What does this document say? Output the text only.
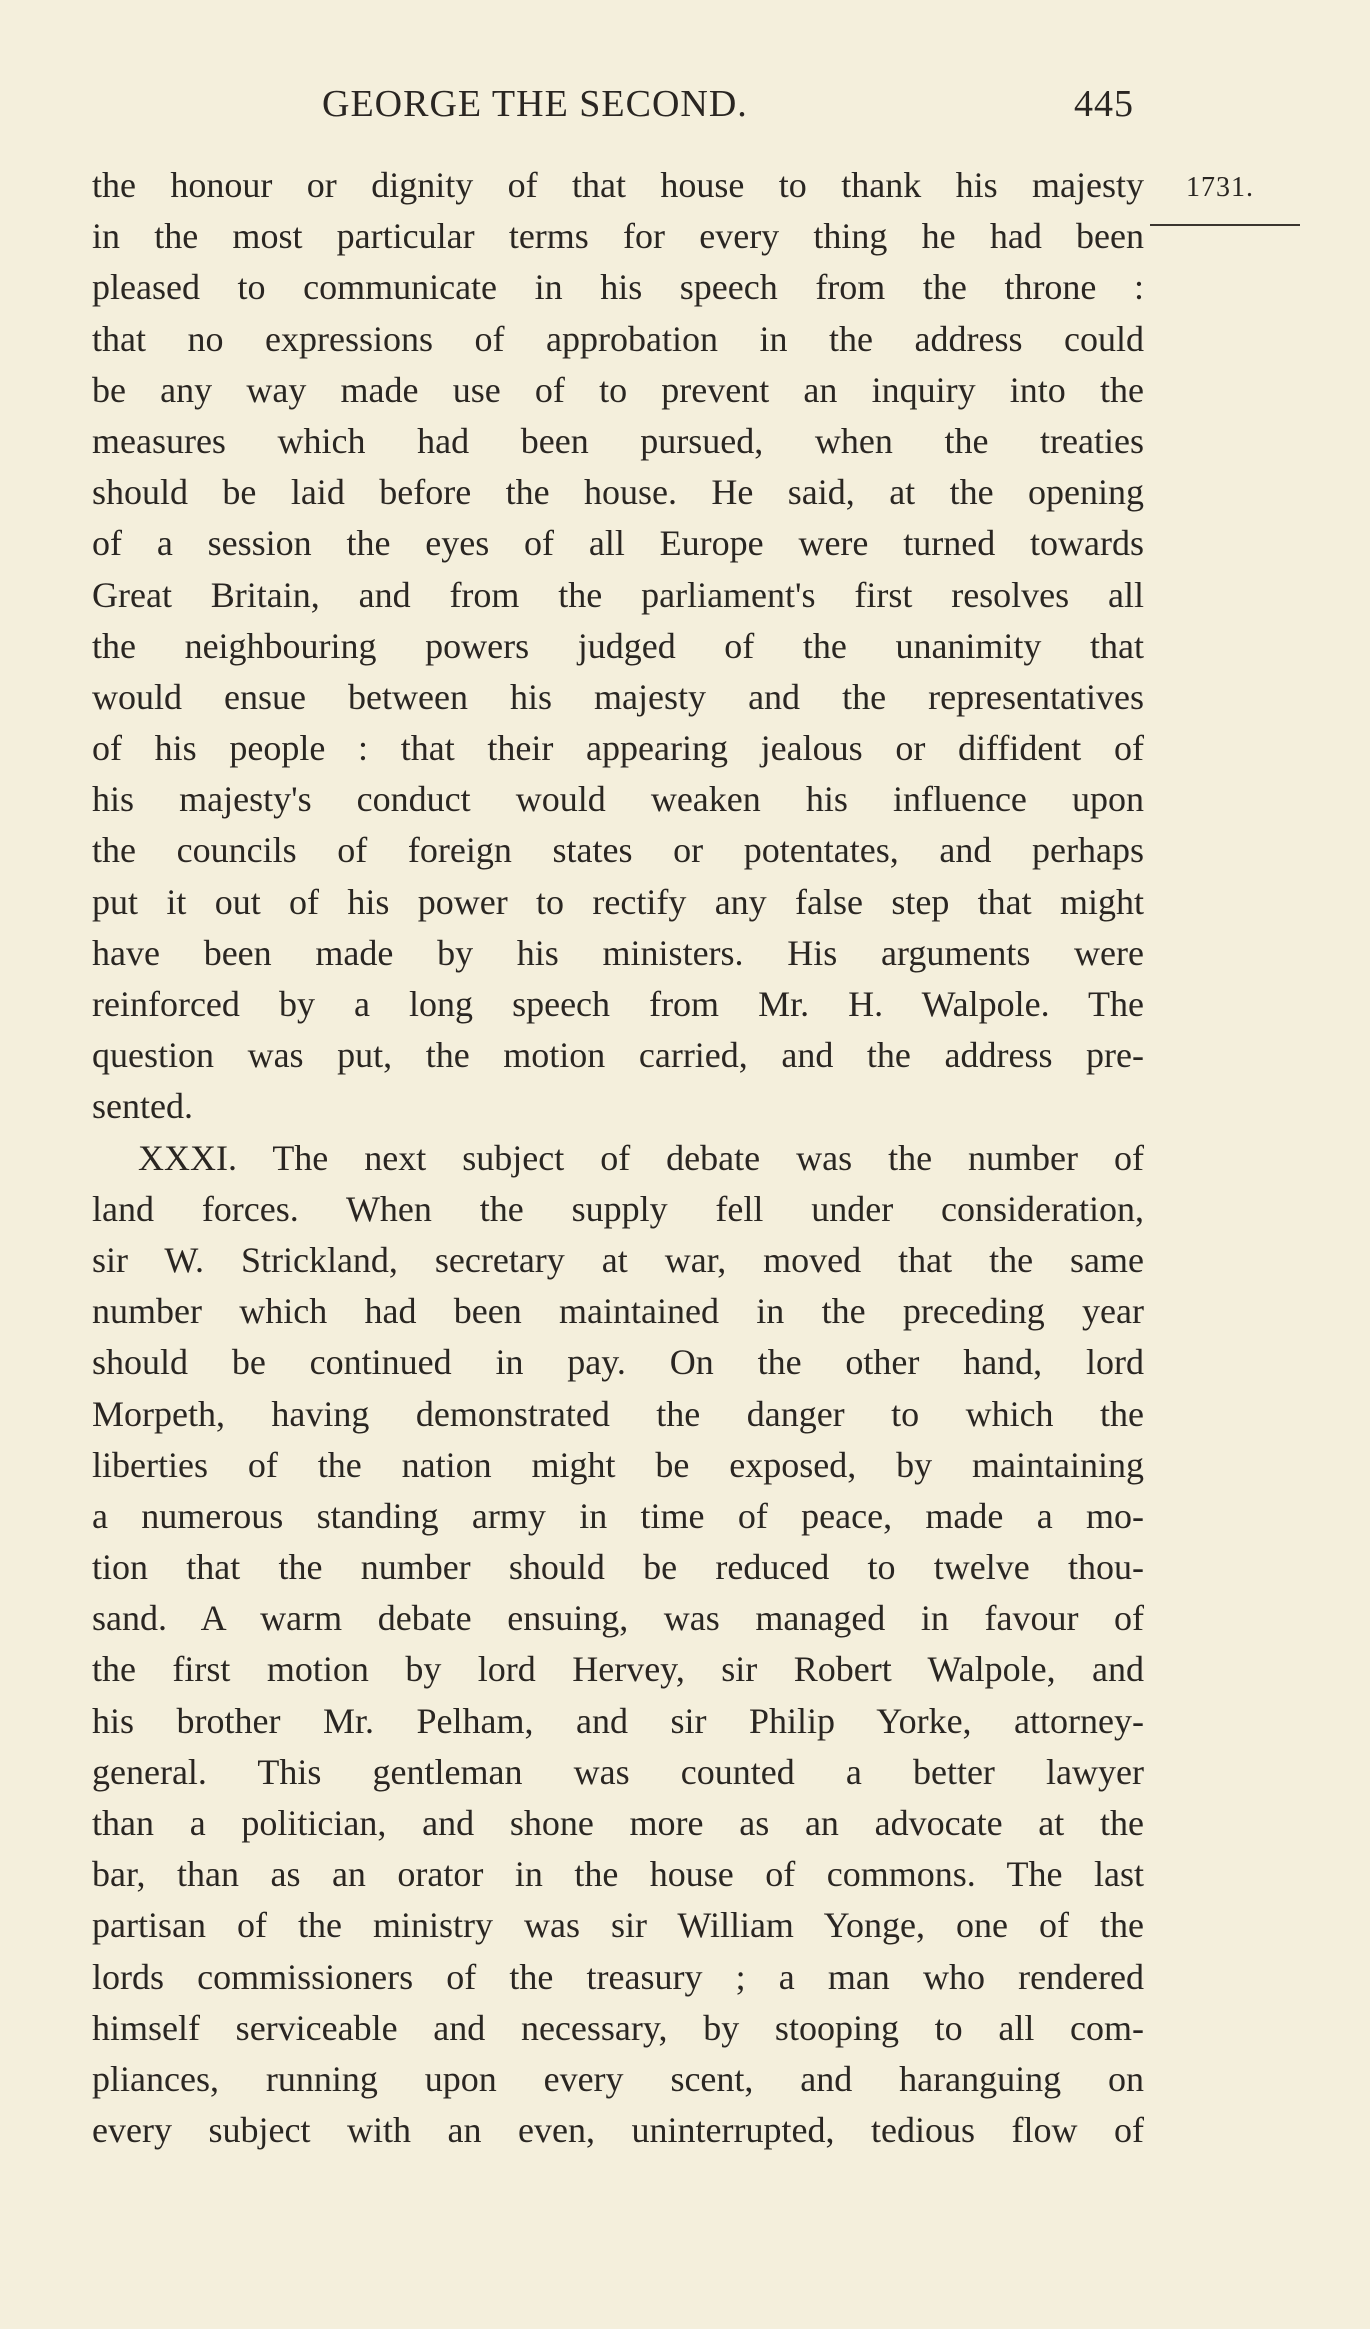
GEORGE THE SECOND.	445
1731.
the honour or dignity of that house to thank his majesty
in the most particular terms for every thing he had been
pleased to communicate in his speech from the throne :
that no expressions of approbation in the address could
be any way made use of to prevent an inquiry into the
measures which had been pursued, when the treaties
should be laid before the house. He said, at the opening
of a session the eyes of all Europe were turned towards
Great Britain, and from the parliament's first resolves all
the neighbouring powers judged of the unanimity that
would ensue between his majesty and the representatives
of his people : that their appearing jealous or diffident of
his majesty's conduct would weaken his influence upon
the councils of foreign states or potentates, and perhaps
put it out of his power to rectify any false step that might
have been made by his ministers. His arguments were
reinforced by a long speech from Mr. H. Walpole. The
question was put, the motion carried, and the address pre-
sented.
XXXI. The next subject of debate was the number of
land forces. When the supply fell under consideration,
sir W. Strickland, secretary at war, moved that the same
number which had been maintained in the preceding year
should be continued in pay. On the other hand, lord
Morpeth, having demonstrated the danger to which the
liberties of the nation might be exposed, by maintaining
a numerous standing army in time of peace, made a mo-
tion that the number should be reduced to twelve thou-
sand. A warm debate ensuing, was managed in favour of
the first motion by lord Hervey, sir Robert Walpole, and
his brother Mr. Pelham, and sir Philip Yorke, attorney-
general. This gentleman was counted a better lawyer
than a politician, and shone more as an advocate at the
bar, than as an orator in the house of commons. The last
partisan of the ministry was sir William Yonge, one of the
lords commissioners of the treasury ; a man who rendered
himself serviceable and necessary, by stooping to all com-
pliances, running upon every scent, and haranguing on
every subject with an even, uninterrupted, tedious flow of
